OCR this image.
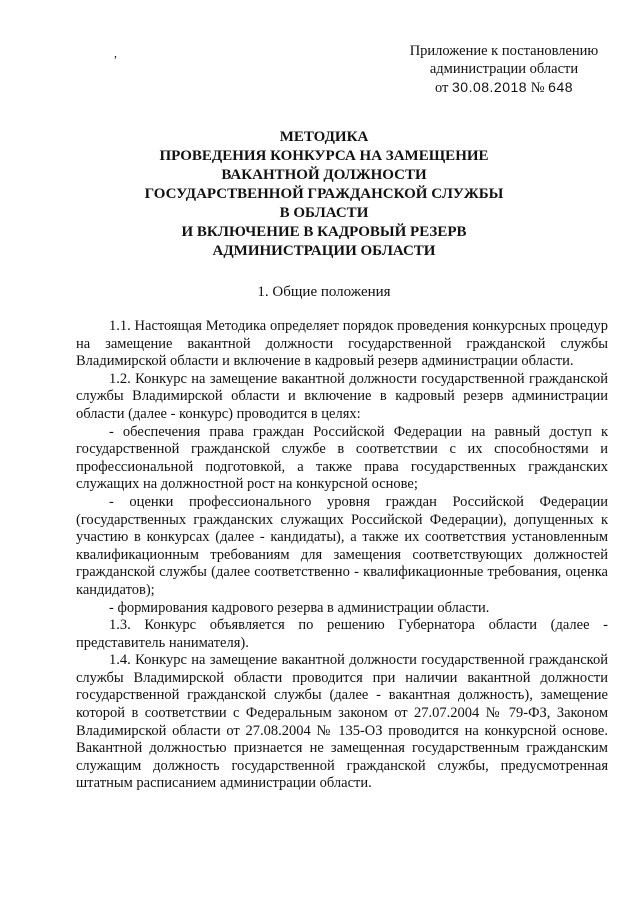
,	Приложение к постановлению
администрации области
от 30.08.2018 № 648
МЕТОДИКА
ПРОВЕДЕНИЯ КОНКУРСА НА ЗАМЕЩЕНИЕ
ВАКАНТНОЙ ДОЛЖНОСТИ
ГОСУДАРСТВЕННОЙ ГРАЖДАНСКОЙ СЛУЖБЫ
В ОБЛАСТИ
И ВКЛЮЧЕНИЕ В КАДРОВЫЙ РЕЗЕРВ
АДМИНИСТРАЦИИ ОБЛАСТИ
1. Общие положения

1.1. Настоящая Методика определяет порядок проведения конкурсных процедур на замещение вакантной должности государственной гражданской службы Владимирской области и включение в кадровый резерв администрации области.

1.2. Конкурс на замещение вакантной должности государственной гражданской службы Владимирской области и включение в кадровый резерв администрации области (далее - конкурс) проводится в целях:

- обеспечения права граждан Российской Федерации на равный доступ к государственной гражданской службе в соответствии с их способностями и профессиональной подготовкой, а также права государственных гражданских служащих на должностной рост на конкурсной основе;

- оценки профессионального уровня граждан Российской Федерации (государственных гражданских служащих Российской Федерации), допущенных к участию в конкурсах (далее - кандидаты), а также их соответствия установленным квалификационным требованиям для замещения соответствующих должностей гражданской службы (далее соответственно - квалификационные требования, оценка кандидатов);

- формирования кадрового резерва в администрации области.

1.3. Конкурс объявляется по решению Губернатора области (далее - представитель нанимателя).

1.4. Конкурс на замещение вакантной должности государственной гражданской службы Владимирской области проводится при наличии вакантной должности государственной гражданской службы (далее - вакантная должность), замещение которой в соответствии с Федеральным законом от 27.07.2004 № 79-ФЗ, Законом Владимирской области от 27.08.2004 № 135-ОЗ проводится на конкурсной основе. Вакантной должностью признается не замещенная государственным гражданским служащим должность государственной гражданской службы, предусмотренная штатным расписанием администрации области.
